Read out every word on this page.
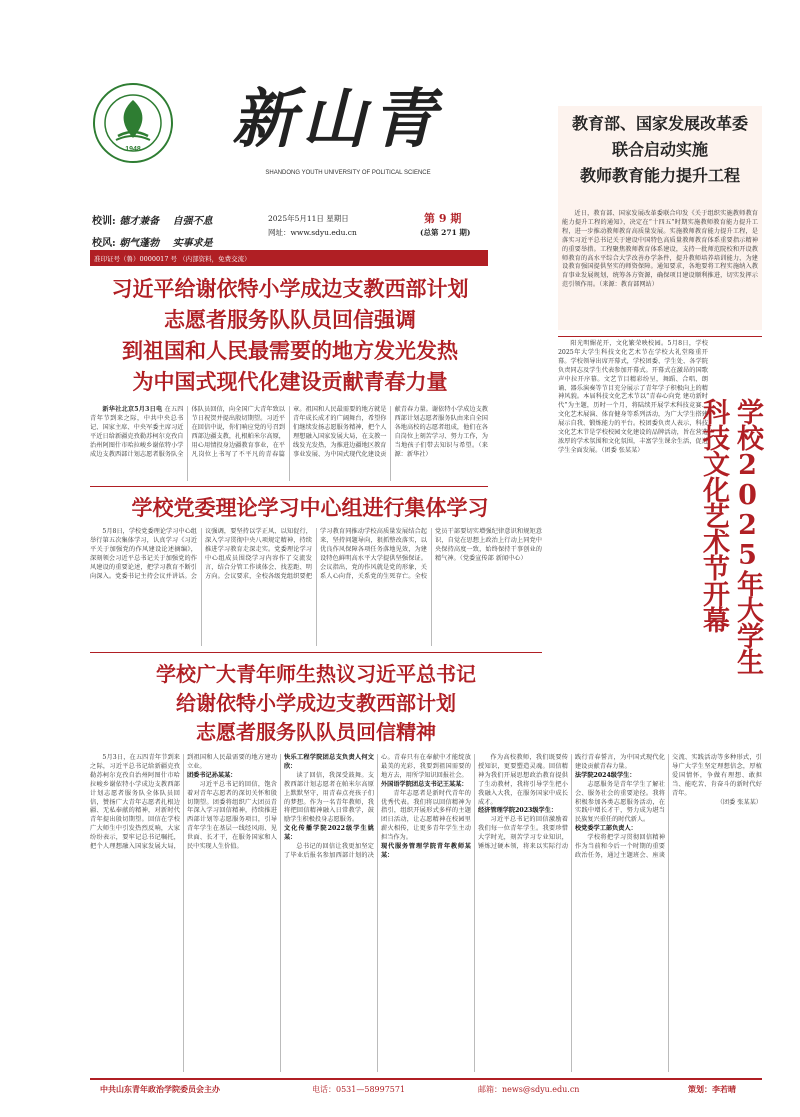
1948 新山青
SHANDONG YOUTH UNIVERSITY OF POLITICAL SCIENCE
校训: 德才兼备 自强不息
校风: 朝气蓬勃 实事求是
2025年5月11日 星期日
网址：www.sdyu.edu.cn
第 9 期
(总第 271 期)
准印证号（鲁）0000017 号 （内部资料，免费交流）
习近平给谢依特小学成边支教西部计划
志愿者服务队队员回信强调
到祖国和人民最需要的地方发光发热
为中国式现代化建设贡献青春力量

新华社北京5月3日电 在五四青年节到来之际，中共中央总书记、国家主席、中央军委主席习近平近日给新疆克孜勒苏柯尔克孜自治州阿图什市哈拉峻乡谢依特小学成边支教西部计划志愿者服务队全体队员回信，向全国广大青年致以节日祝贺并提出殷切期望。习近平在回信中说，你们响应党的号召到西部边疆支教，扎根帕米尔高原，用心用情投身边疆教育事业，在平凡岗位上书写了不平凡的青春篇章。祖国和人民最需要的地方就是青年成长成才的广阔舞台，希望你们继续发扬志愿服务精神，把个人理想融入国家发展大局，在支教一线发光发热，为推进边疆地区教育事业发展、为中国式现代化建设贡献青春力量。谢依特小学成边支教西部计划志愿者服务队由来自全国各地高校的志愿者组成，他们在各自岗位上刻苦学习、努力工作，为当地孩子们带去知识与希望。（来源：新华社）

教育部、国家发展改革委
联合启动实施
教师教育能力提升工程

近日，教育部、国家发展改革委联合印发《关于组织实施教师教育能力提升工程的通知》，决定在“十四五”时期实施教师教育能力提升工程，进一步推动教师教育高质量发展。实施教师教育能力提升工程，是落实习近平总书记关于建设中国特色高质量教师教育体系重要指示精神的重要举措。工程聚焦教师教育体系建设，支持一批师范院校和开设教师教育的高水平综合大学改善办学条件，提升教师培养培训能力，为建设教育强国提供坚实的师资保障。通知要求，各地要将工程实施纳入教育事业发展规划，统筹各方资源，确保项目建设顺利推进，切实发挥示范引领作用。（来源：教育部网站）

阳光明媚花开，文化繁荣映校园。5月8日，学校2025年大学生科技文化艺术节在学校大礼堂隆重开幕。学校领导出席开幕式，学校团委、学生处、各学院负责同志及学生代表参加开幕式。开幕式在激昂的国歌声中拉开序幕。文艺节目精彩纷呈，舞蹈、合唱、朗诵、器乐演奏等节目充分展示了青年学子积极向上的精神风貌。本届科技文化艺术节以“青春心向党 建功新时代”为主题，历时一个月，将陆续开展学术科技竞赛、文化艺术展演、体育健身等系列活动，为广大学生搭建展示自我、锻炼能力的平台。校团委负责人表示，科技文化艺术节是学校校园文化建设的品牌活动，旨在营造浓厚的学术氛围和文化氛围，丰富学生课余生活，促进学生全面发展。（团委 张某某）	学校2025年大学生科技文化艺术节开幕
学校党委理论学习中心组进行集体学习

5月8日，学校党委理论学习中心组举行第五次集体学习，认真学习《习近平关于加强党的作风建设论述摘编》，深刻领会习近平总书记关于加强党的作风建设的重要论述，把学习教育不断引向深入。党委书记主持会议并讲话。会议强调，要坚持以学正风、以知促行，深入学习贯彻中央八项规定精神，持续推进学习教育走深走实。党委理论学习中心组成员围绕学习内容作了交流发言，结合分管工作谈体会、找差距、明方向。会议要求，全校各级党组织要把学习教育同推动学校高质量发展结合起来，坚持问题导向，狠抓整改落实，以优良作风保障各项任务落地见效，为建设特色鲜明高水平大学提供坚强保证。会议指出，党的作风就是党的形象，关系人心向背，关系党的生死存亡。全校党员干部要切实增强纪律意识和规矩意识，自觉在思想上政治上行动上同党中央保持高度一致，始终保持干事创业的精气神。（党委宣传部 新闻中心）

学校广大青年师生热议习近平总书记
给谢依特小学成边支教西部计划
志愿者服务队队员回信精神

5月3日，在五四青年节到来之际，习近平总书记给新疆克孜勒苏柯尔克孜自治州阿图什市哈拉峻乡谢依特小学成边支教西部计划志愿者服务队全体队员回信，赞扬广大青年志愿者扎根边疆、无私奉献的精神，对新时代青年提出殷切期望。回信在学校广大师生中引发热烈反响，大家纷纷表示，要牢记总书记嘱托，把个人理想融入国家发展大局，到祖国和人民最需要的地方建功立业。

团委书记孙某某：

习近平总书记的回信，饱含着对青年志愿者的深切关怀和殷切期望。团委将组织广大团员青年深入学习回信精神，持续推进西部计划等志愿服务项目，引导青年学生在基层一线经风雨、见世面、长才干，在服务国家和人民中实现人生价值。

快乐工程学院团总支负责人何文欣：

读了回信，我深受鼓舞。支教西部计划志愿者在帕米尔高原上默默坚守，用青春点亮孩子们的梦想。作为一名青年教师，我将把回信精神融入日常教学，鼓励学生积极投身志愿服务。

文化传播学院2022级学生姚某：

总书记的回信让我更加坚定了毕业后报名参加西部计划的决心。青春只有在奉献中才能绽放最美的光彩，我要到祖国需要的地方去，用所学知识回报社会。

外国语学院团总支书记王某某：

青年志愿者是新时代青年的优秀代表。我们将以回信精神为指引，组织开展形式多样的主题团日活动，让志愿精神在校园里薪火相传，让更多青年学生主动担当作为。

现代服务管理学院青年教师某某：

作为高校教师，我们既要传授知识，更要塑造灵魂。回信精神为我们开展思想政治教育提供了生动教材，我将引导学生把小我融入大我，在服务国家中成长成才。

经济管理学院2023级学生：

习近平总书记的回信激励着我们每一位青年学生。我要珍惜大学时光，刻苦学习专业知识，锤炼过硬本领，将来以实际行动践行青春誓言，为中国式现代化建设贡献青春力量。

法学院2024级学生：

志愿服务是青年学生了解社会、服务社会的重要途径。我将积极参加各类志愿服务活动，在实践中增长才干，努力成为堪当民族复兴重任的时代新人。

校党委学工部负责人：

学校将把学习贯彻回信精神作为当前和今后一个时期的重要政治任务，通过主题班会、座谈交流、实践活动等多种形式，引导广大学生坚定理想信念，厚植爱国情怀，争做有理想、敢担当、能吃苦、肯奋斗的新时代好青年。

（团委 张某某）

中共山东青年政治学院委员会主办	电话：0531—58997571	邮箱：news@sdyu.edu.cn	策划：李若晴
